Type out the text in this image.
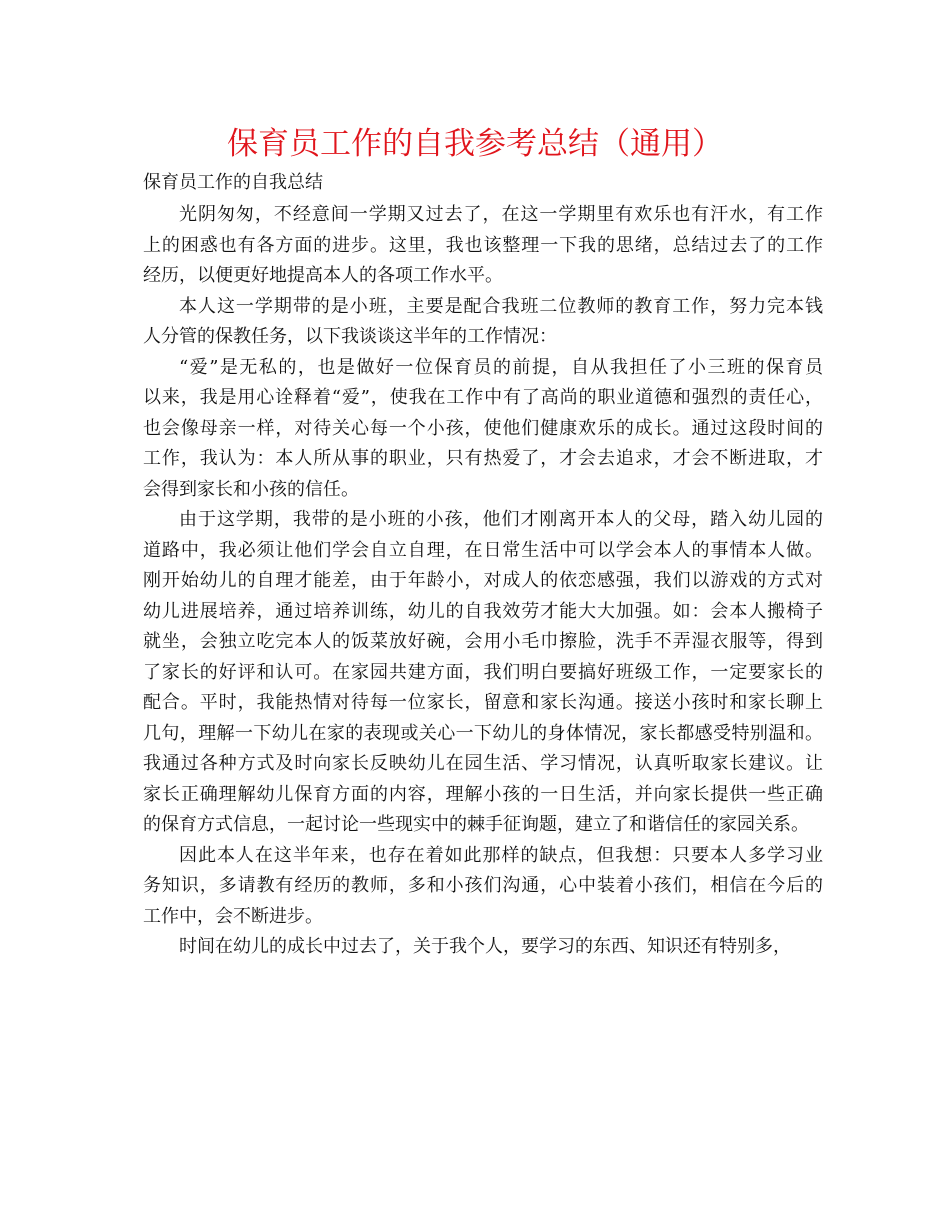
保育员工作的自我参考总结（通用）

保育员工作的自我总结

光阴匆匆，不经意间一学期又过去了，在这一学期里有欢乐也有汗水，有工作
上的困惑也有各方面的进步。这里，我也该整理一下我的思绪，总结过去了的工作
经历，以便更好地提高本人的各项工作水平。
本人这一学期带的是小班，主要是配合我班二位教师的教育工作，努力完本钱
人分管的保教任务，以下我谈谈这半年的工作情况：
“爱”是无私的，也是做好一位保育员的前提，自从我担任了小三班的保育员
以来，我是用心诠释着“爱”，使我在工作中有了高尚的职业道德和强烈的责任心，
也会像母亲一样，对待关心每一个小孩，使他们健康欢乐的成长。通过这段时间的
工作，我认为：本人所从事的职业，只有热爱了，才会去追求，才会不断进取，才
会得到家长和小孩的信任。
由于这学期，我带的是小班的小孩，他们才刚离开本人的父母，踏入幼儿园的
道路中，我必须让他们学会自立自理，在日常生活中可以学会本人的事情本人做。
刚开始幼儿的自理才能差，由于年龄小，对成人的依恋感强，我们以游戏的方式对
幼儿进展培养，通过培养训练，幼儿的自我效劳才能大大加强。如：会本人搬椅子
就坐，会独立吃完本人的饭菜放好碗，会用小毛巾擦脸，洗手不弄湿衣服等，得到
了家长的好评和认可。在家园共建方面，我们明白要搞好班级工作，一定要家长的
配合。平时，我能热情对待每一位家长，留意和家长沟通。接送小孩时和家长聊上
几句，理解一下幼儿在家的表现或关心一下幼儿的身体情况，家长都感受特别温和。
我通过各种方式及时向家长反映幼儿在园生活、学习情况，认真听取家长建议。让
家长正确理解幼儿保育方面的内容，理解小孩的一日生活，并向家长提供一些正确
的保育方式信息，一起讨论一些现实中的棘手征询题，建立了和谐信任的家园关系。
因此本人在这半年来，也存在着如此那样的缺点，但我想：只要本人多学习业
务知识，多请教有经历的教师，多和小孩们沟通，心中装着小孩们，相信在今后的
工作中，会不断进步。
时间在幼儿的成长中过去了，关于我个人，要学习的东西、知识还有特别多，
